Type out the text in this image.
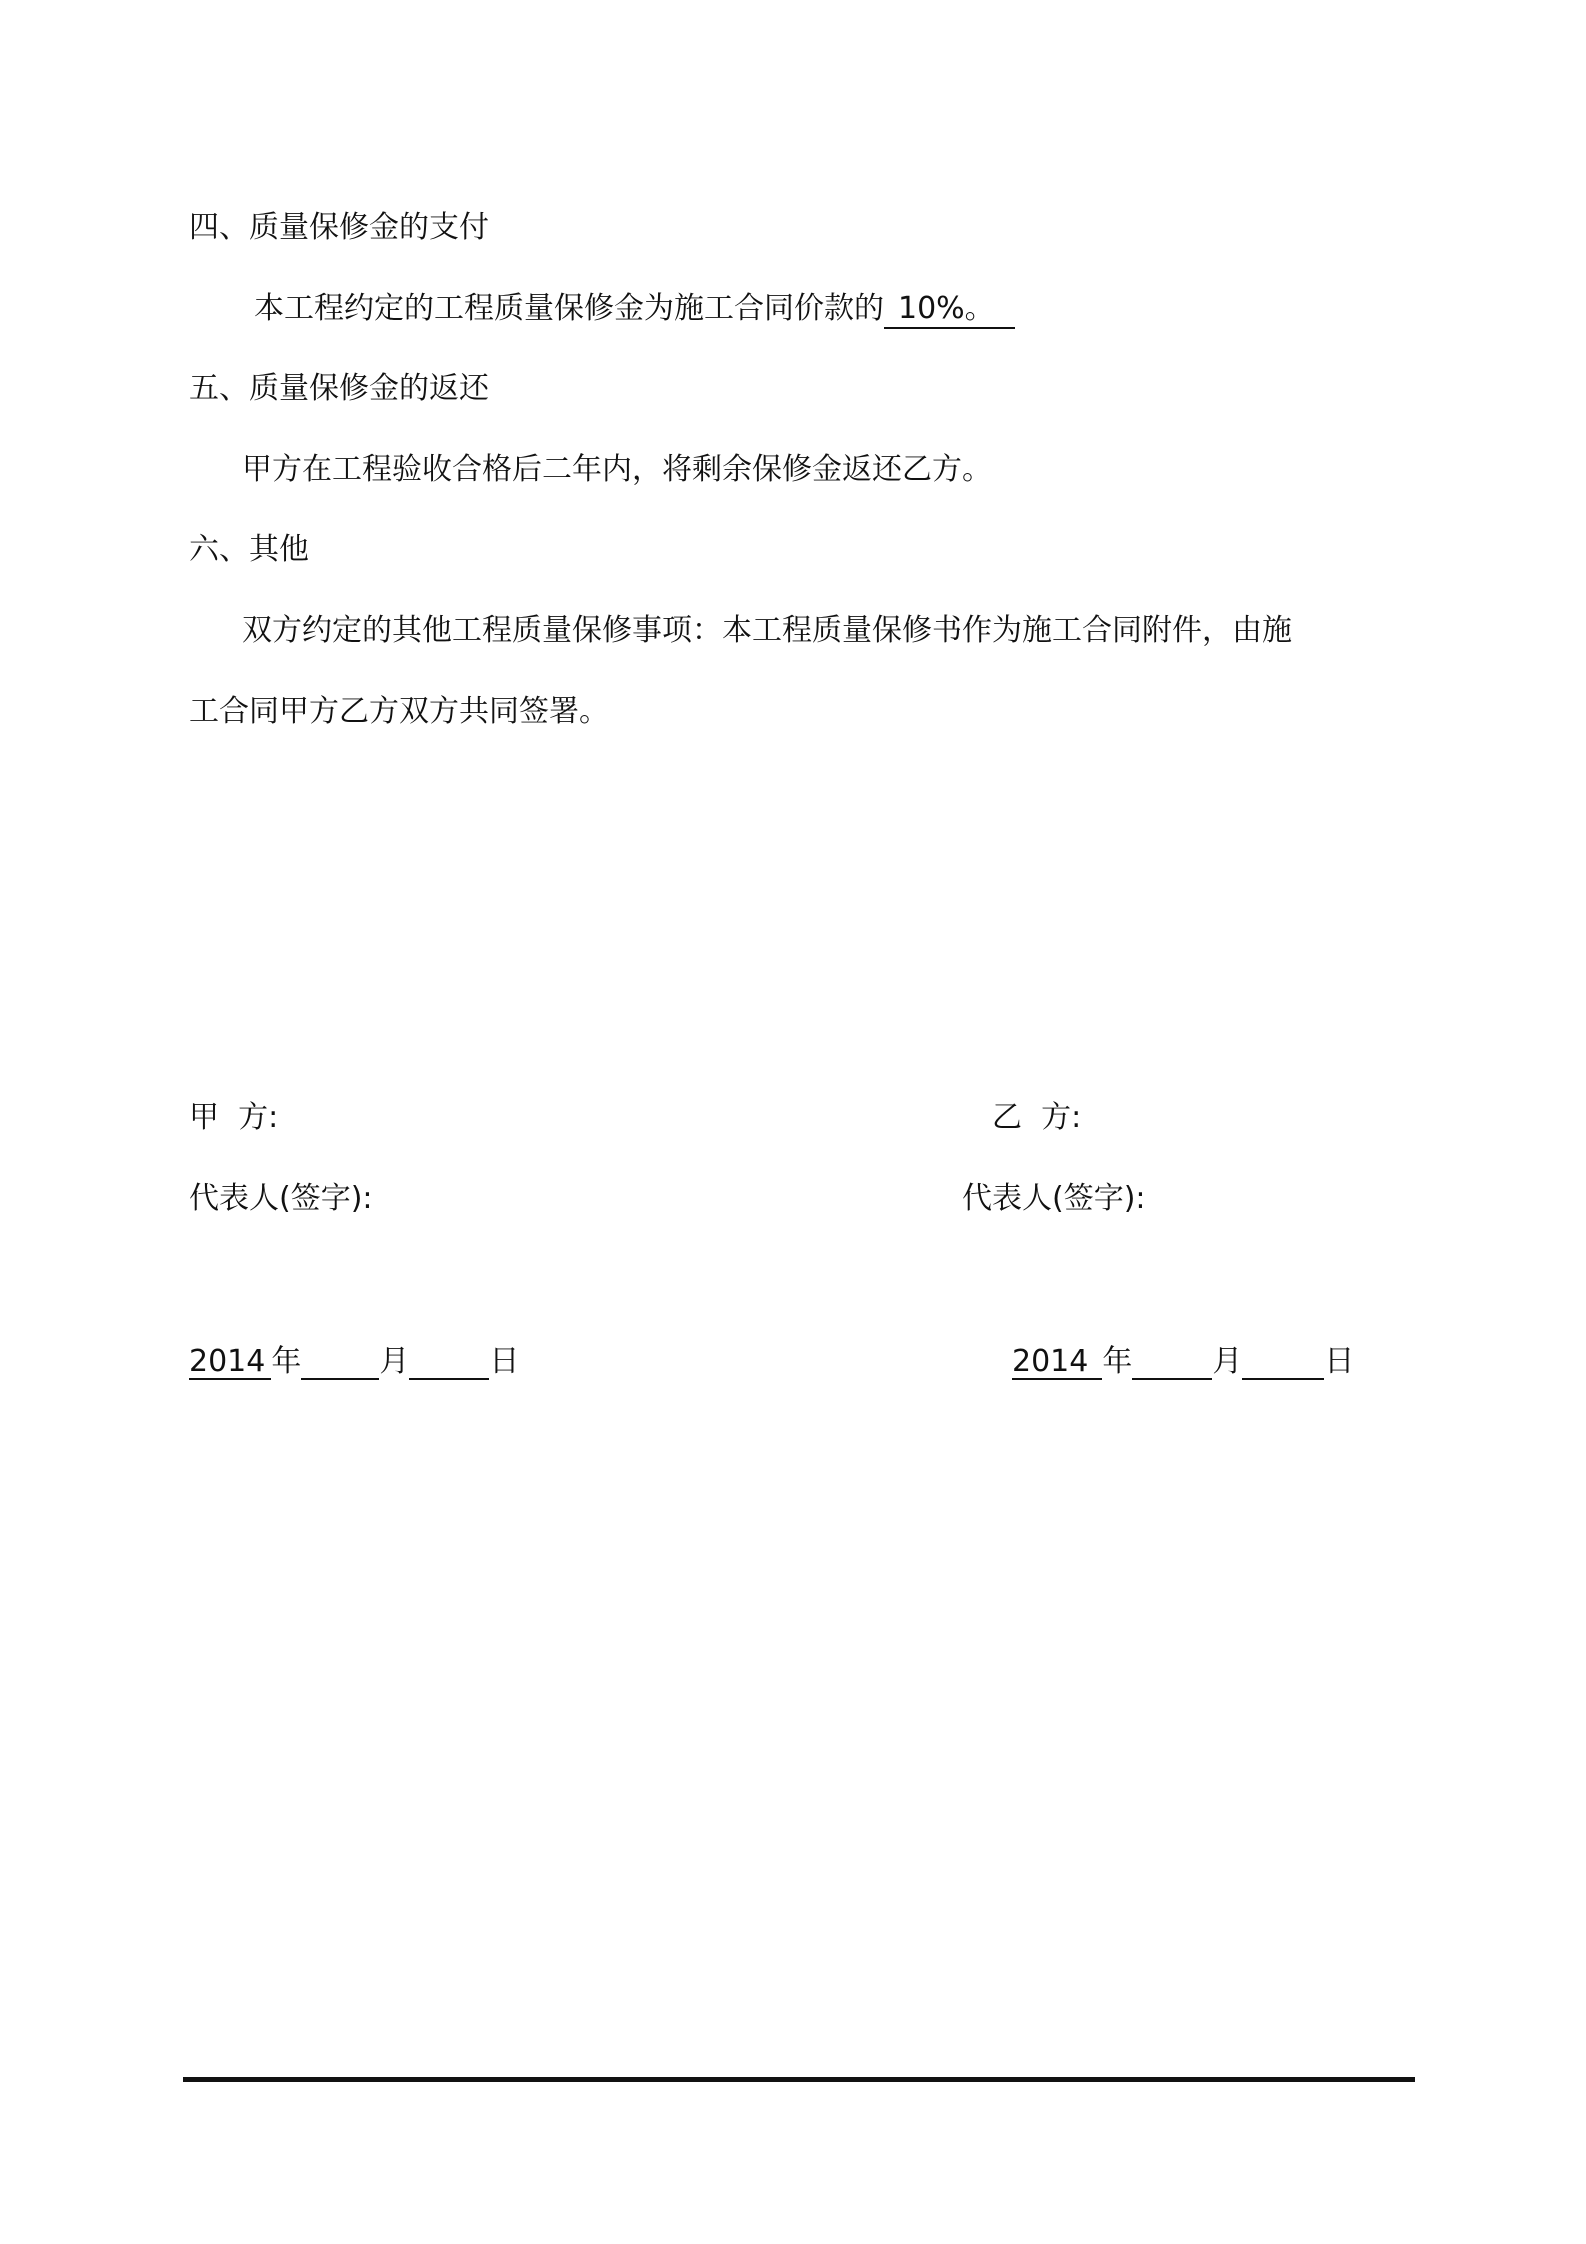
四、质量保修金的支付
本工程约定的工程质量保修金为施工合同价款的 10%。
五、质量保修金的返还
甲方在工程验收合格后二年内，将剩余保修金返还乙方。
六、其他
双方约定的其他工程质量保修事项：本工程质量保修书作为施工合同附件，由施
工合同甲方乙方双方共同签署。
甲  方:	乙  方:
代表人(签字):	代表人(签字):
2014 年	月	日	2014 年	月	日
